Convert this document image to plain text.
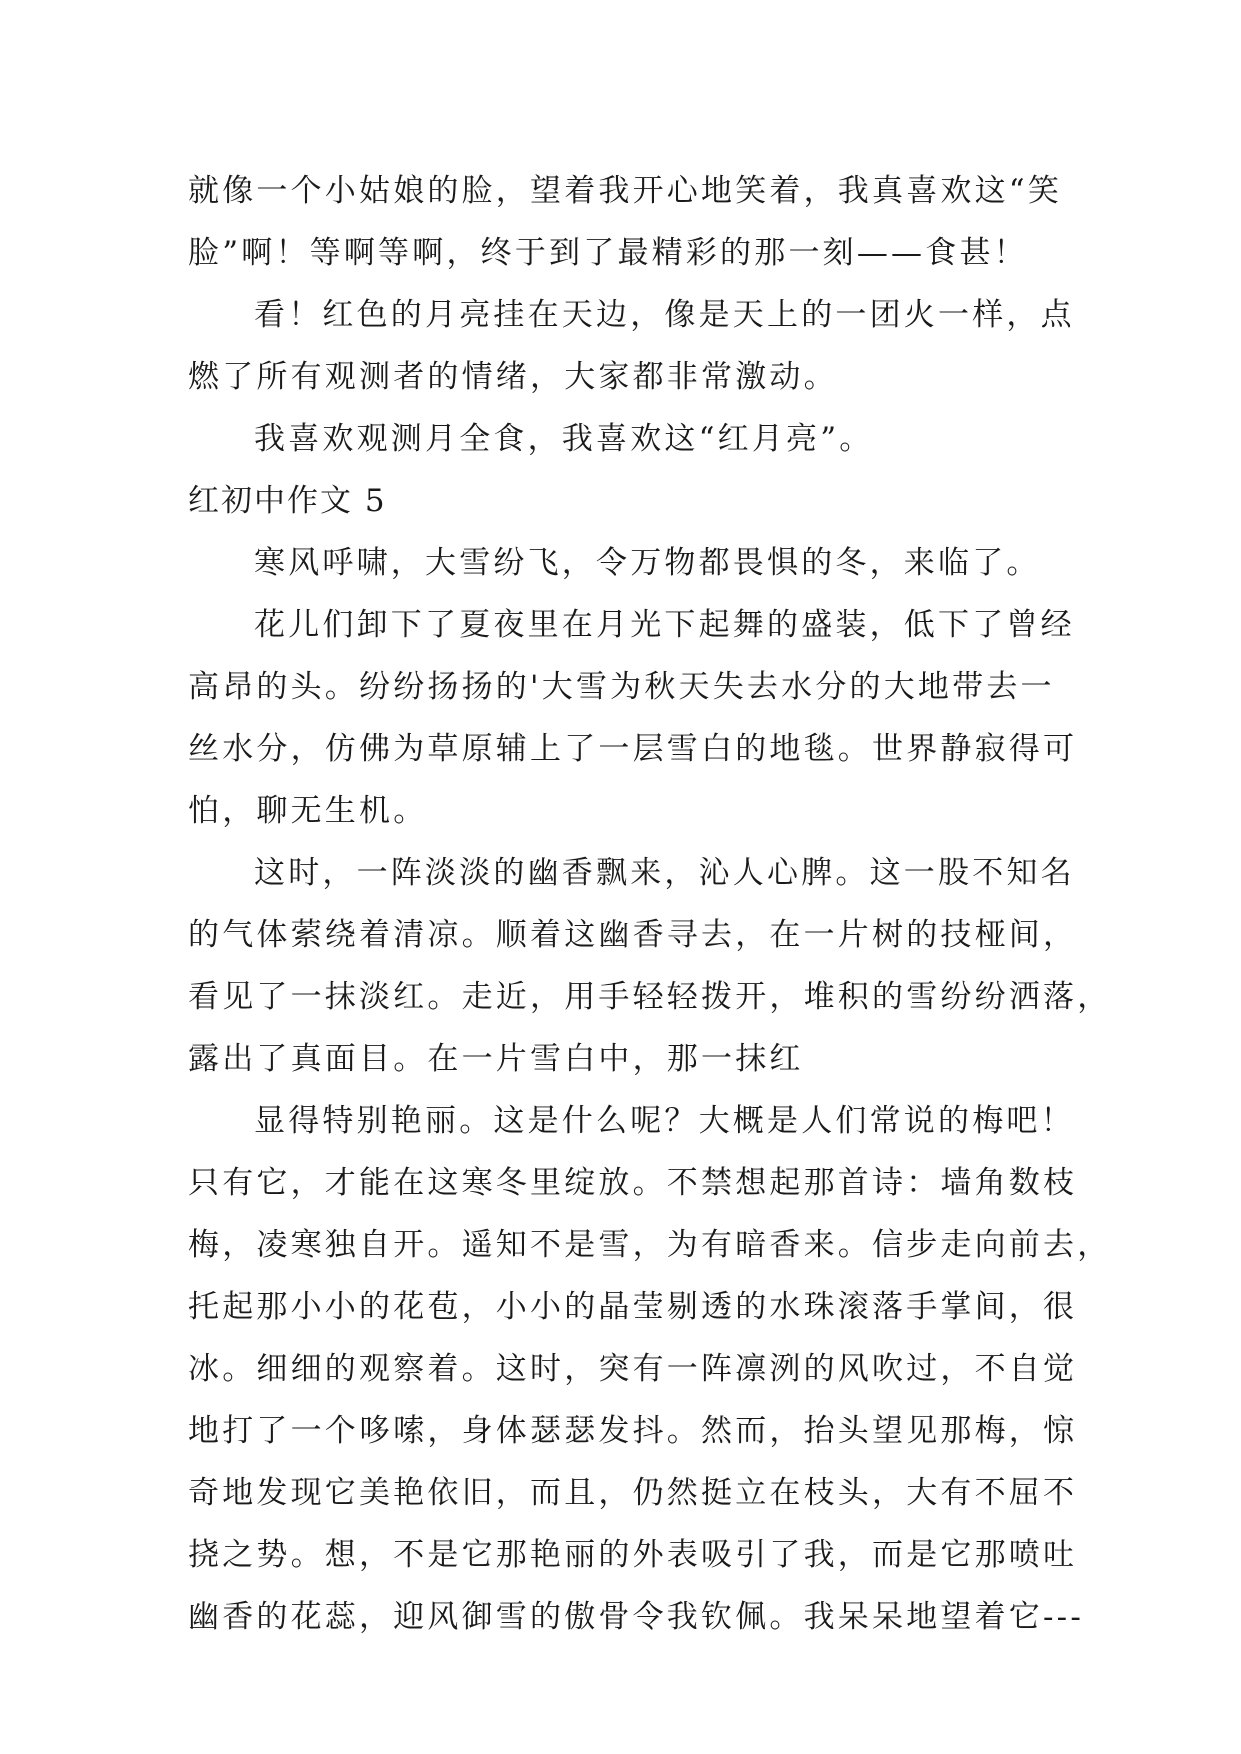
就像一个小姑娘的脸，望着我开心地笑着，我真喜欢这“笑
脸”啊！等啊等啊，终于到了最精彩的那一刻——食甚！
看！红色的月亮挂在天边，像是天上的一团火一样，点
燃了所有观测者的情绪，大家都非常激动。
我喜欢观测月全食，我喜欢这“红月亮”。
红初中作文 5
寒风呼啸，大雪纷飞，令万物都畏惧的冬，来临了。
花儿们卸下了夏夜里在月光下起舞的盛装，低下了曾经
高昂的头。纷纷扬扬的'大雪为秋天失去水分的大地带去一
丝水分，仿佛为草原辅上了一层雪白的地毯。世界静寂得可
怕，聊无生机。
这时，一阵淡淡的幽香飘来，沁人心脾。这一股不知名
的气体萦绕着清凉。顺着这幽香寻去，在一片树的技桠间，
看见了一抹淡红。走近，用手轻轻拨开，堆积的雪纷纷洒落，
露出了真面目。在一片雪白中，那一抹红
显得特别艳丽。这是什么呢？大概是人们常说的梅吧！
只有它，才能在这寒冬里绽放。不禁想起那首诗：墙角数枝
梅，凌寒独自开。遥知不是雪，为有暗香来。信步走向前去，
托起那小小的花苞，小小的晶莹剔透的水珠滚落手掌间，很
冰。细细的观察着。这时，突有一阵凛洌的风吹过，不自觉
地打了一个哆嗦，身体瑟瑟发抖。然而，抬头望见那梅，惊
奇地发现它美艳依旧，而且，仍然挺立在枝头，大有不屈不
挠之势。想，不是它那艳丽的外表吸引了我，而是它那喷吐
幽香的花蕊，迎风御雪的傲骨令我钦佩。我呆呆地望着它---
